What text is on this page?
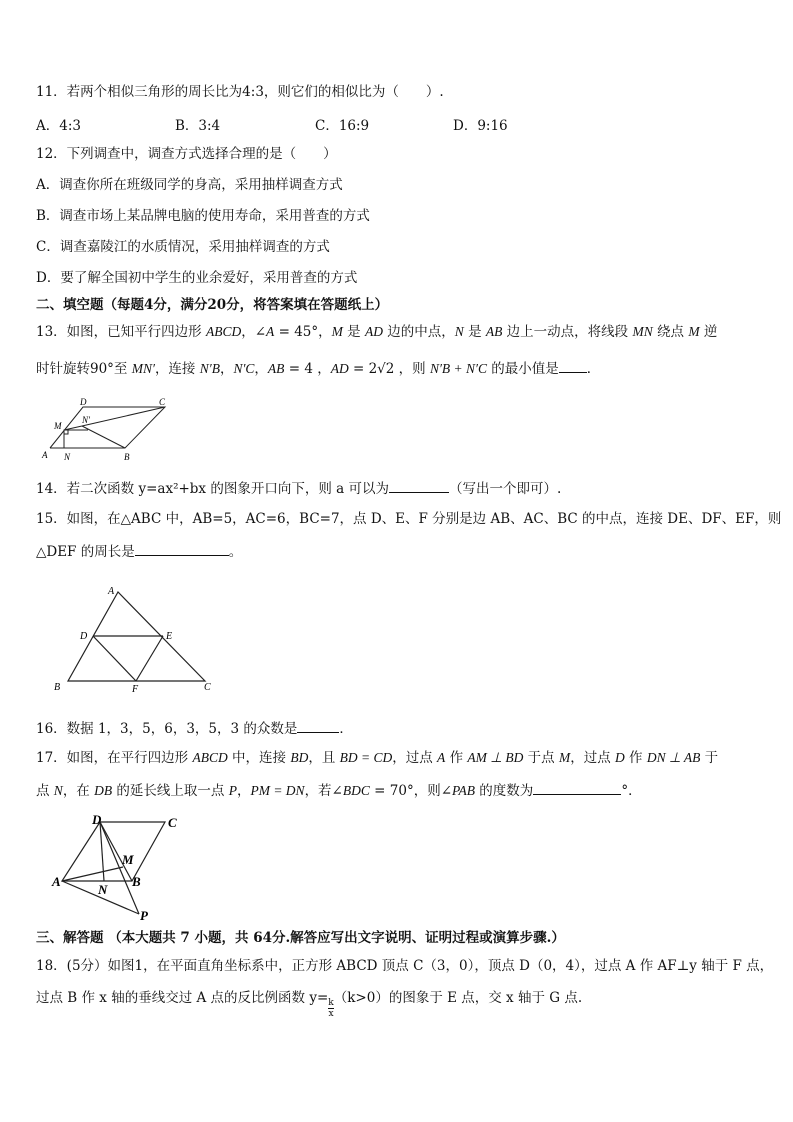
11．若两个相似三角形的周长比为4:3，则它们的相似比为（　　）.
A．4:3	B．3:4	C．16:9	D．9:16
12．下列调查中，调查方式选择合理的是（　　）
A．调查你所在班级同学的身高，采用抽样调查方式
B．调查市场上某品牌电脑的使用寿命，采用普查的方式
C．调查嘉陵江的水质情况，采用抽样调查的方式
D．要了解全国初中学生的业余爱好，采用普查的方式
二、填空题（每题4分，满分20分，将答案填在答题纸上）
13．如图，已知平行四边形 ABCD，∠A = 45°，M 是 AD 边的中点，N 是 AB 边上一动点，将线段 MN 绕点 M 逆
时针旋转90°至 MN′，连接 N′B，N′C，AB = 4 ，AD = 2√2 ，则 N′B + N′C 的最小值是 ．
A	B
C
D
M
N
N′
14．若二次函数 y=ax²+bx 的图象开口向下，则 a 可以为	（写出一个即可）.
15．如图，在△ABC 中，AB=5，AC=6，BC=7，点 D、E、F 分别是边 AB、AC、BC 的中点，连接 DE、DF、EF，则
△DEF 的周长是	。
A
B	C
D	E
F
16．数据 1，3，5，6，3，5，3 的众数是	．
17．如图，在平行四边形 ABCD 中，连接 BD，且 BD = CD，过点 A 作 AM ⊥ BD 于点 M，过点 D 作 DN ⊥ AB 于
点 N，在 DB 的延长线上取一点 P，PM = DN，若∠BDC = 70°，则∠PAB 的度数为	°．
D	C
M
A
N
B
P
三、解答题 （本大题共 7 小题，共 64分.解答应写出文字说明、证明过程或演算步骤.）
18．(5分）如图1，在平面直角坐标系中，正方形 ABCD 顶点 C（3，0），顶点 D（0，4），过点 A 作 AF⊥y 轴于 F 点，
过点 B 作 x 轴的垂线交过 A 点的反比例函数 $y= \frac{k}{x} (k>0)$的图象于 E 点，交 x 轴于 G 点.
